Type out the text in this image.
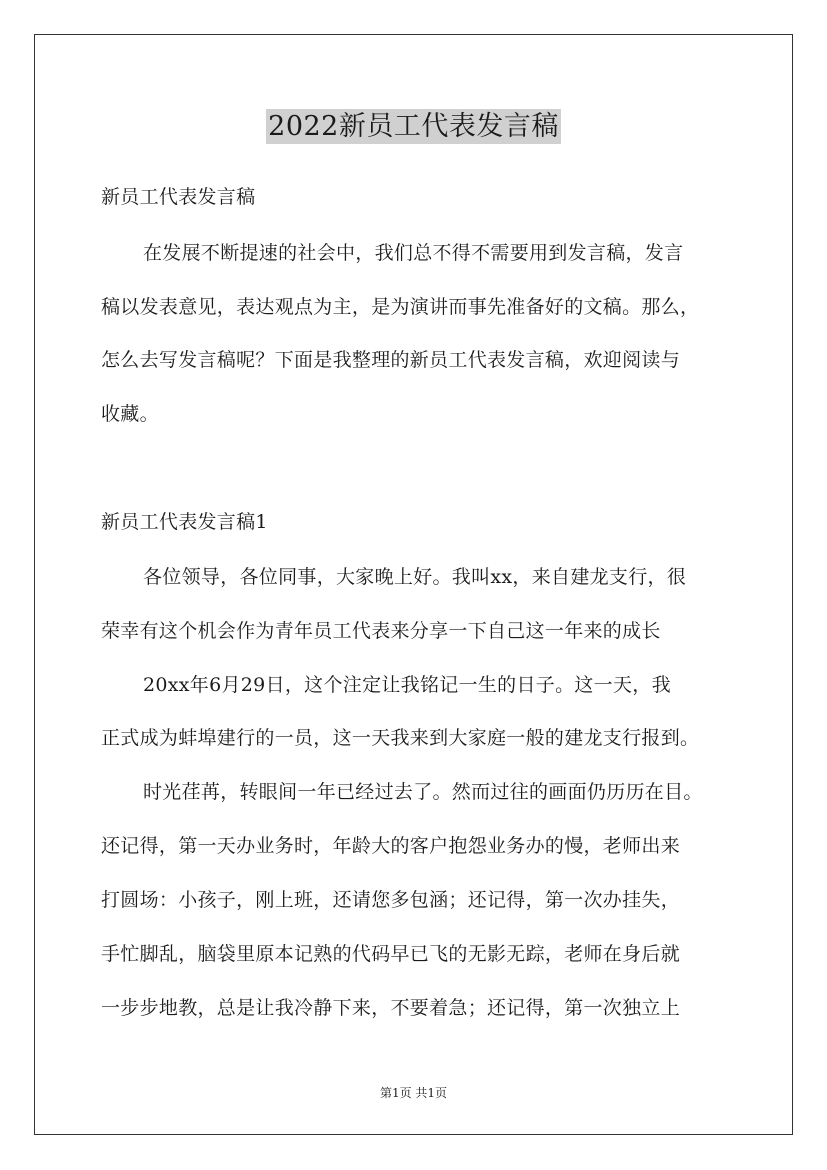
2022新员工代表发言稿
新员工代表发言稿
在发展不断提速的社会中，我们总不得不需要用到发言稿，发言
稿以发表意见，表达观点为主，是为演讲而事先准备好的文稿。那么，
怎么去写发言稿呢？下面是我整理的新员工代表发言稿，欢迎阅读与
收藏。
新员工代表发言稿1
各位领导，各位同事，大家晚上好。我叫xx，来自建龙支行，很
荣幸有这个机会作为青年员工代表来分享一下自己这一年来的成长
20xx年6月29日，这个注定让我铭记一生的日子。这一天，我
正式成为蚌埠建行的一员，这一天我来到大家庭一般的建龙支行报到。
时光荏苒，转眼间一年已经过去了。然而过往的画面仍历历在目。
还记得，第一天办业务时，年龄大的客户抱怨业务办的慢，老师出来
打圆场：小孩子，刚上班，还请您多包涵；还记得，第一次办挂失，
手忙脚乱，脑袋里原本记熟的代码早已飞的无影无踪，老师在身后就
一步步地教，总是让我冷静下来，不要着急；还记得，第一次独立上
第1页 共1页
